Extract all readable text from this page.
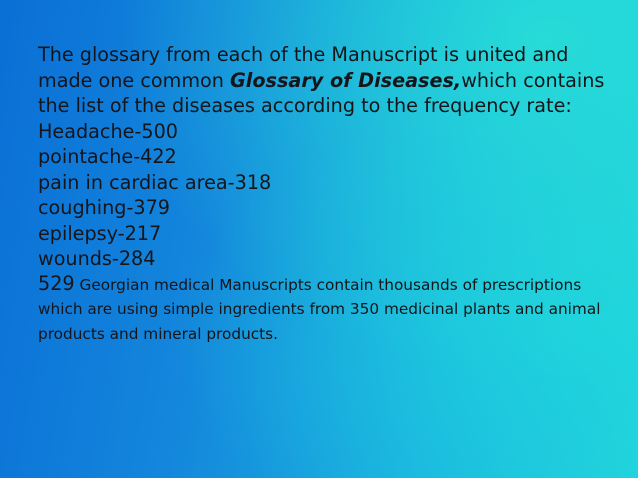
The glossary from each of the Manuscript is united and made one common Glossary of Diseases,which contains the list of the diseases according to the frequency rate:

Headache-500
pointache-422
pain in cardiac area-318
coughing-379
epilepsy-217
wounds-284

529 Georgian medical Manuscripts contain thousands of prescriptions which are using simple ingredients from 350 medicinal plants and animal products and mineral products.
